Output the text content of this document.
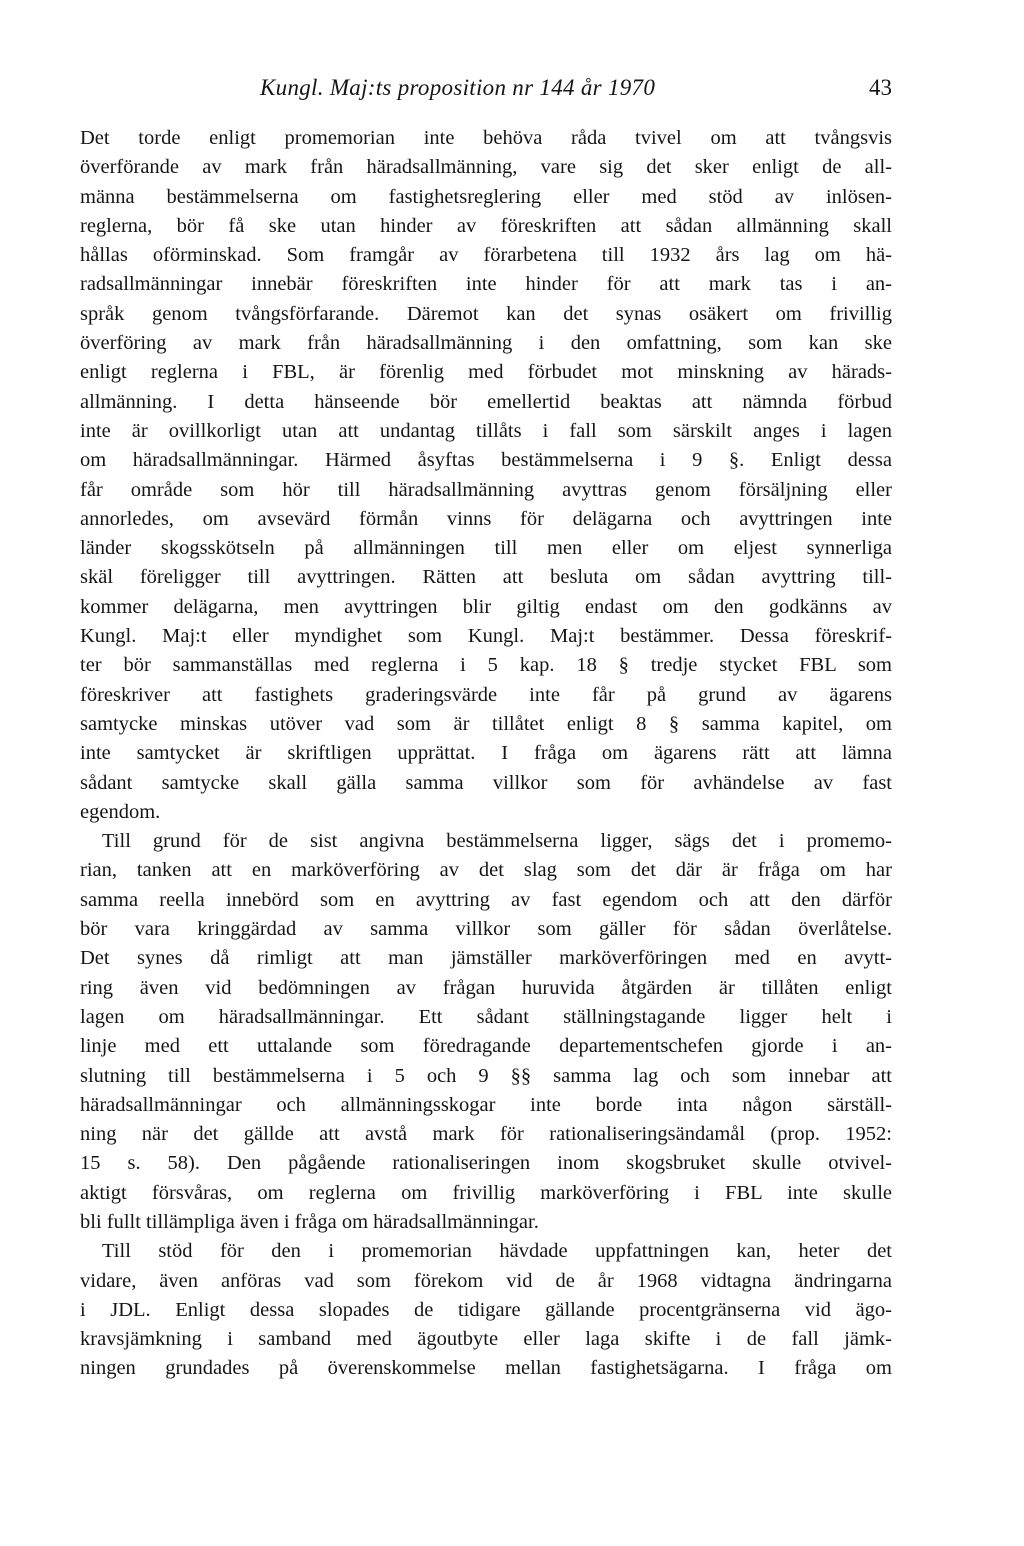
Kungl. Maj:ts proposition nr 144 år 1970	43
Det torde enligt promemorian inte behöva råda tvivel om att tvångsvis
överförande av mark från häradsallmänning, vare sig det sker enligt de all-
männa bestämmelserna om fastighetsreglering eller med stöd av inlösen-
reglerna, bör få ske utan hinder av föreskriften att sådan allmänning skall
hållas oförminskad. Som framgår av förarbetena till 1932 års lag om hä-
radsallmänningar innebär föreskriften inte hinder för att mark tas i an-
språk genom tvångsförfarande. Däremot kan det synas osäkert om frivillig
överföring av mark från häradsallmänning i den omfattning, som kan ske
enligt reglerna i FBL, är förenlig med förbudet mot minskning av härads-
allmänning. I detta hänseende bör emellertid beaktas att nämnda förbud
inte är ovillkorligt utan att undantag tillåts i fall som särskilt anges i lagen
om häradsallmänningar. Härmed åsyftas bestämmelserna i 9 §. Enligt dessa
får område som hör till häradsallmänning avyttras genom försäljning eller
annorledes, om avsevärd förmån vinns för delägarna och avyttringen inte
länder skogsskötseln på allmänningen till men eller om eljest synnerliga
skäl föreligger till avyttringen. Rätten att besluta om sådan avyttring till-
kommer delägarna, men avyttringen blir giltig endast om den godkänns av
Kungl. Maj:t eller myndighet som Kungl. Maj:t bestämmer. Dessa föreskrif-
ter bör sammanställas med reglerna i 5 kap. 18 § tredje stycket FBL som
föreskriver att fastighets graderingsvärde inte får på grund av ägarens
samtycke minskas utöver vad som är tillåtet enligt 8 § samma kapitel, om
inte samtycket är skriftligen upprättat. I fråga om ägarens rätt att lämna
sådant samtycke skall gälla samma villkor som för avhändelse av fast
egendom.
Till grund för de sist angivna bestämmelserna ligger, sägs det i promemo-
rian, tanken att en marköverföring av det slag som det där är fråga om har
samma reella innebörd som en avyttring av fast egendom och att den därför
bör vara kringgärdad av samma villkor som gäller för sådan överlåtelse.
Det synes då rimligt att man jämställer marköverföringen med en avytt-
ring även vid bedömningen av frågan huruvida åtgärden är tillåten enligt
lagen om häradsallmänningar. Ett sådant ställningstagande ligger helt i
linje med ett uttalande som föredragande departementschefen gjorde i an-
slutning till bestämmelserna i 5 och 9 §§ samma lag och som innebar att
häradsallmänningar och allmänningsskogar inte borde inta någon särställ-
ning när det gällde att avstå mark för rationaliseringsändamål (prop. 1952:
15 s. 58). Den pågående rationaliseringen inom skogsbruket skulle otvivel-
aktigt försvåras, om reglerna om frivillig marköverföring i FBL inte skulle
bli fullt tillämpliga även i fråga om häradsallmänningar.
Till stöd för den i promemorian hävdade uppfattningen kan, heter det
vidare, även anföras vad som förekom vid de år 1968 vidtagna ändringarna
i JDL. Enligt dessa slopades de tidigare gällande procentgränserna vid ägo-
kravsjämkning i samband med ägoutbyte eller laga skifte i de fall jämk-
ningen grundades på överenskommelse mellan fastighetsägarna. I fråga om
